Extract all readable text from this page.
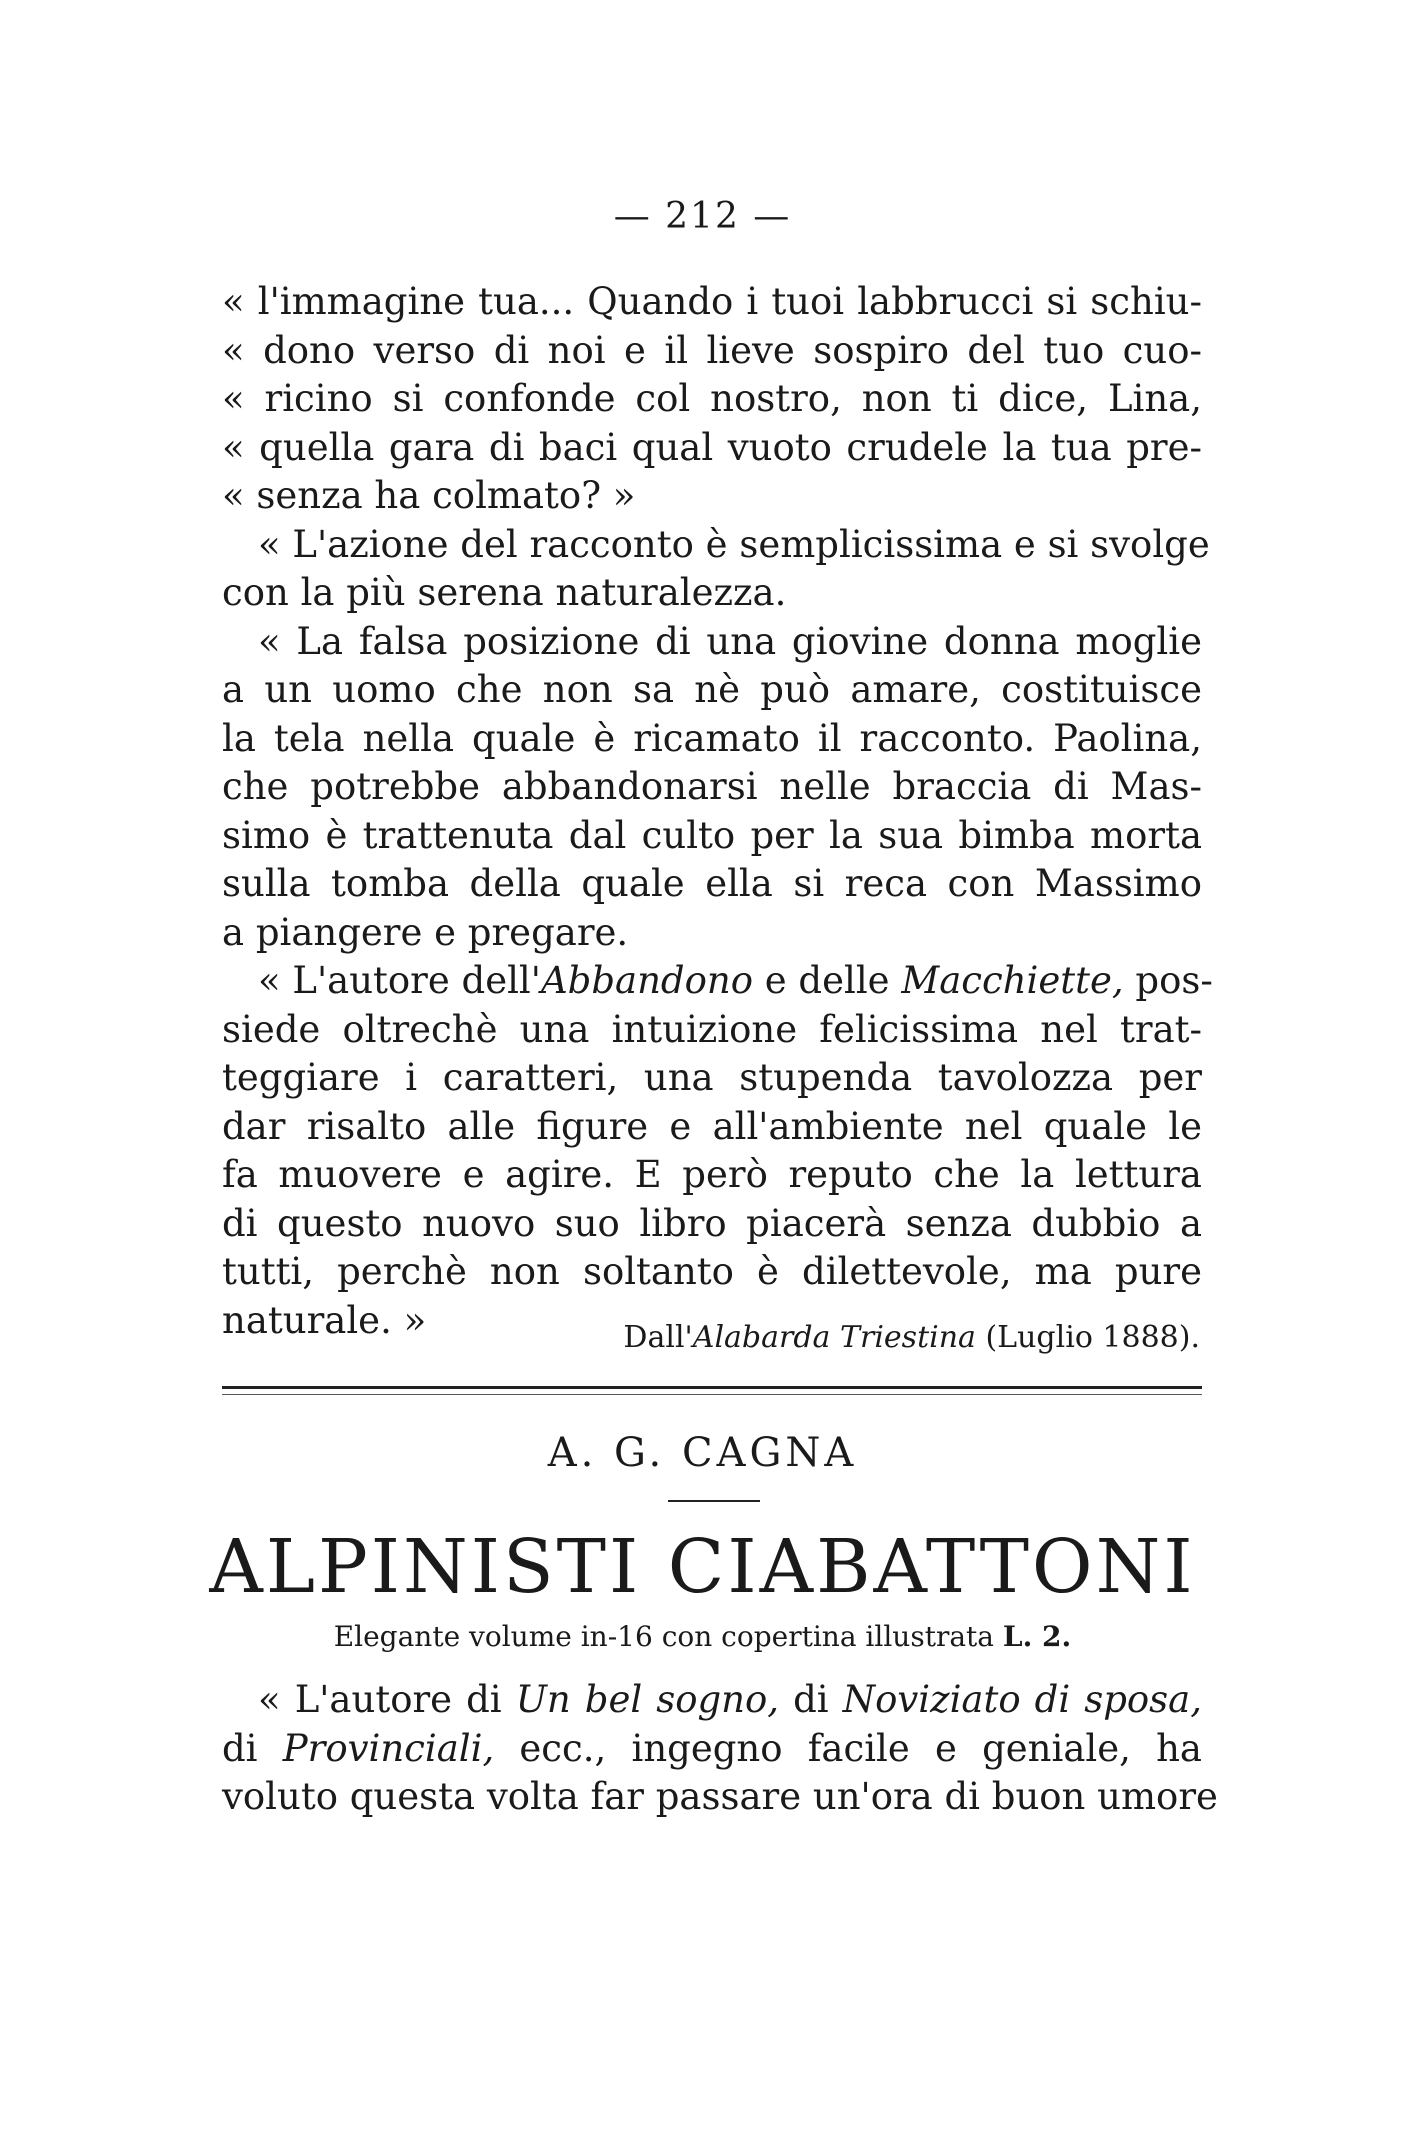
— 212 —
« l'immagine tua... Quando i tuoi labbrucci si schiu-
« dono verso di noi e il lieve sospiro del tuo cuo-
« ricino si confonde col nostro, non ti dice, Lina,
« quella gara di baci qual vuoto crudele la tua pre-
« senza ha colmato? »
« L'azione del racconto è semplicissima e si svolge
con la più serena naturalezza.
« La falsa posizione di una giovine donna moglie
a un uomo che non sa nè può amare, costituisce
la tela nella quale è ricamato il racconto. Paolina,
che potrebbe abbandonarsi nelle braccia di Mas-
simo è trattenuta dal culto per la sua bimba morta
sulla tomba della quale ella si reca con Massimo
a piangere e pregare.
« L'autore dell'Abbandono e delle Macchiette, pos-
siede oltrechè una intuizione felicissima nel trat-
teggiare i caratteri, una stupenda tavolozza per
dar risalto alle figure e all'ambiente nel quale le
fa muovere e agire. E però reputo che la lettura
di questo nuovo suo libro piacerà senza dubbio a
tutti, perchè non soltanto è dilettevole, ma pure
naturale. »	Dall'Alabarda Triestina (Luglio 1888).
A. G. CAGNA
ALPINISTI CIABATTONI
Elegante volume in-16 con copertina illustrata L. 2.
« L'autore di Un bel sogno, di Noviziato di sposa,
di Provinciali, ecc., ingegno facile e geniale, ha
voluto questa volta far passare un'ora di buon umore
